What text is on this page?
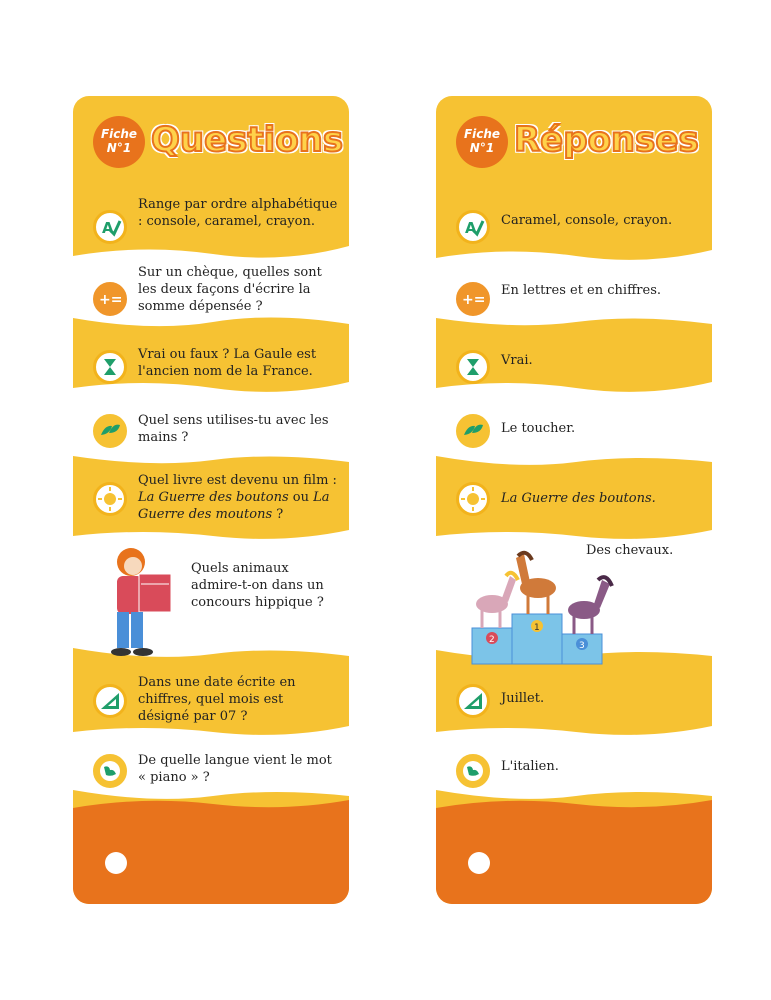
Fiche
N°1 Questions
A
Range par ordre alphabétique : console, caramel, crayon.
+=
Sur un chèque, quelles sont les deux façons d'écrire la somme dépensée ?
Vrai ou faux ? La Gaule est l'ancien nom de la France.
Quel sens utilises-tu avec les mains ?
Quel livre est devenu un film : La Guerre des boutons ou La Guerre des moutons ?
Quels animaux admire-t-on dans un concours hippique ?
Dans une date écrite en chiffres, quel mois est désigné par 07 ?
De quelle langue vient le mot « piano » ?
Fiche
N°1 Réponses
A Caramel, console, crayon.
+=
En lettres et en chiffres.
Vrai.
Le toucher.
La Guerre des boutons.
Des chevaux.
2
1
3
Juillet.
L'italien.
